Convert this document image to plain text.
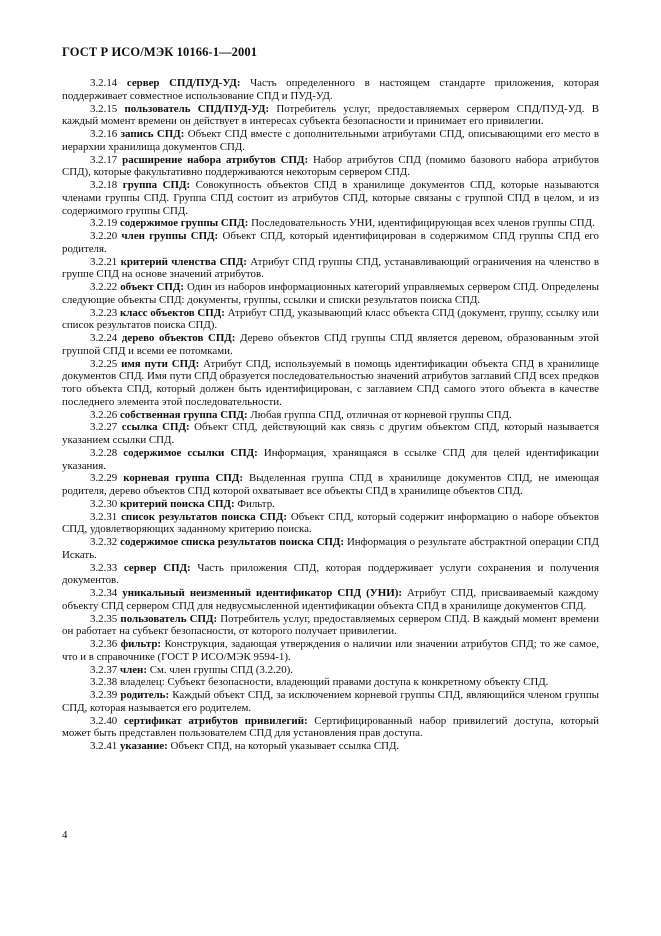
ГОСТ Р ИСО/МЭК 10166-1—2001

3.2.14 сервер СПД/ПУД-УД: Часть определенного в настоящем стандарте приложения, которая поддерживает совместное использование СПД и ПУД-УД.

3.2.15 пользователь СПД/ПУД-УД: Потребитель услуг, предоставляемых сервером СПД/ПУД-УД. В каждый момент времени он действует в интересах субъекта безопасности и принимает его привилегии.

3.2.16 запись СПД: Объект СПД вместе с дополнительными атрибутами СПД, описывающими его место в иерархии хранилища документов СПД.

3.2.17 расширение набора атрибутов СПД: Набор атрибутов СПД (помимо базового набора атрибутов СПД), которые факультативно поддерживаются некоторым сервером СПД.

3.2.18 группа СПД: Совокупность объектов СПД в хранилище документов СПД, которые называются членами группы СПД. Группа СПД состоит из атрибутов СПД, которые связаны с группой СПД в целом, и из содержимого группы СПД.

3.2.19 содержимое группы СПД: Последовательность УНИ, идентифицирующая всех членов группы СПД.

3.2.20 член группы СПД: Объект СПД, который идентифицирован в содержимом СПД группы СПД его родителя.

3.2.21 критерий членства СПД: Атрибут СПД группы СПД, устанавливающий ограничения на членство в группе СПД на основе значений атрибутов.

3.2.22 объект СПД: Один из наборов информационных категорий управляемых сервером СПД. Определены следующие объекты СПД: документы, группы, ссылки и списки результатов поиска СПД.

3.2.23 класс объектов СПД: Атрибут СПД, указывающий класс объекта СПД (документ, группу, ссылку или список результатов поиска СПД).

3.2.24 дерево объектов СПД: Дерево объектов СПД группы СПД является деревом, образованным этой группой СПД и всеми ее потомками.

3.2.25 имя пути СПД: Атрибут СПД, используемый в помощь идентификации объекта СПД в хранилище документов СПД. Имя пути СПД образуется последовательностью значений атрибутов заглавий СПД всех предков того объекта СПД, который должен быть идентифицирован, с заглавием СПД самого этого объекта в качестве последнего элемента этой последовательности.

3.2.26 собственная группа СПД: Любая группа СПД, отличная от корневой группы СПД.

3.2.27 ссылка СПД: Объект СПД, действующий как связь с другим объектом СПД, который называется указанием ссылки СПД.

3.2.28 содержимое ссылки СПД: Информация, хранящаяся в ссылке СПД для целей идентификации указания.

3.2.29 корневая группа СПД: Выделенная группа СПД в хранилище документов СПД, не имеющая родителя, дерево объектов СПД которой охватывает все объекты СПД в хранилище объектов СПД.

3.2.30 критерий поиска СПД: Фильтр.

3.2.31 список результатов поиска СПД: Объект СПД, который содержит информацию о наборе объектов СПД, удовлетворяющих заданному критерию поиска.

3.2.32 содержимое списка результатов поиска СПД: Информация о результате абстрактной операции СПД Искать.

3.2.33 сервер СПД: Часть приложения СПД, которая поддерживает услуги сохранения и получения документов.

3.2.34 уникальный неизменный идентификатор СПД (УНИ): Атрибут СПД, присваиваемый каждому объекту СПД сервером СПД для недвусмысленной идентификации объекта СПД в хранилище документов СПД.

3.2.35 пользователь СПД: Потребитель услуг, предоставляемых сервером СПД. В каждый момент времени он работает на субъект безопасности, от которого получает привилегии.

3.2.36 фильтр: Конструкция, задающая утверждения о наличии или значении атрибутов СПД; то же самое, что и в справочнике (ГОСТ Р ИСО/МЭК 9594-1).

3.2.37 член: См. член группы СПД (3.2.20).

3.2.38 владелец: Субъект безопасности, владеющий правами доступа к конкретному объекту СПД.

3.2.39 родитель: Каждый объект СПД, за исключением корневой группы СПД, являющийся членом группы СПД, которая называется его родителем.

3.2.40 сертификат атрибутов привилегий: Сертифицированный набор привилегий доступа, который может быть представлен пользователем СПД для установления прав доступа.

3.2.41 указание: Объект СПД, на который указывает ссылка СПД.

4
